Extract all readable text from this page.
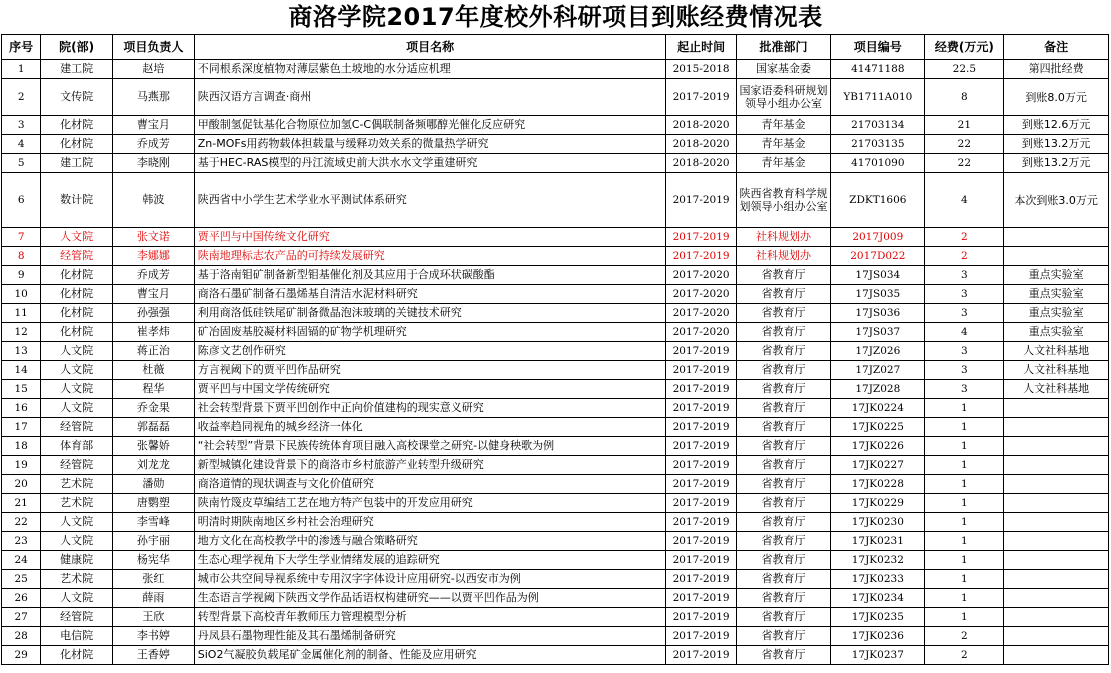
商洛学院2017年度校外科研项目到账经费情况表
序号	院(部)	项目负责人	项目名称	起止时间	批准部门	项目编号	经费(万元)	备注
1	建工院	赵培	不同根系深度植物对薄层紫色土坡地的水分适应机理	2015-2018	国家基金委	41471188	22.5	第四批经费
2	文传院	马燕那	陕西汉语方言调查·商州	2017-2019	国家语委科研规划领导小组办公室	YB1711A010	8	到账8.0万元
3	化材院	曹宝月	甲酸制氢促钛基化合物原位加氢C-C偶联制备频哪醇光催化反应研究	2018-2020	青年基金	21703134	21	到账12.6万元
4	化材院	乔成芳	Zn-MOFs用药物载体担载量与缓释功效关系的微量热学研究	2018-2020	青年基金	21703135	22	到账13.2万元
5	建工院	李晓刚	基于HEC-RAS模型的丹江流域史前大洪水水文学重建研究	2018-2020	青年基金	41701090	22	到账13.2万元
6	数计院	韩波	陕西省中小学生艺术学业水平测试体系研究	2017-2019	陕西省教育科学规划领导小组办公室	ZDKT1606	4	本次到账3.0万元
7	人文院	张文诺	贾平凹与中国传统文化研究	2017-2019	社科规划办	2017J009	2	
8	经管院	李娜娜	陕南地理标志农产品的可持续发展研究	2017-2019	社科规划办	2017D022	2	
9	化材院	乔成芳	基于洛南钼矿制备新型钼基催化剂及其应用于合成环状碳酸酯	2017-2020	省教育厅	17JS034	3	重点实验室
10	化材院	曹宝月	商洛石墨矿制备石墨烯基自清洁水泥材料研究	2017-2020	省教育厅	17JS035	3	重点实验室
11	化材院	孙强强	利用商洛低硅铁尾矿制备微晶泡沫玻璃的关键技术研究	2017-2020	省教育厅	17JS036	3	重点实验室
12	化材院	崔孝炜	矿冶固废基胶凝材料固镉的矿物学机理研究	2017-2020	省教育厅	17JS037	4	重点实验室
13	人文院	蒋正治	陈彦文艺创作研究	2017-2019	省教育厅	17JZ026	3	人文社科基地
14	人文院	杜薇	方言视阈下的贾平凹作品研究	2017-2019	省教育厅	17JZ027	3	人文社科基地
15	人文院	程华	贾平凹与中国文学传统研究	2017-2019	省教育厅	17JZ028	3	人文社科基地
16	人文院	乔金果	社会转型背景下贾平凹创作中正向价值建构的现实意义研究	2017-2019	省教育厅	17JK0224	1	
17	经管院	郭磊磊	收益率趋同视角的城乡经济一体化	2017-2019	省教育厅	17JK0225	1	
18	体育部	张馨娇	“社会转型”背景下民族传统体育项目融入高校课堂之研究-以健身秧歌为例	2017-2019	省教育厅	17JK0226	1	
19	经管院	刘龙龙	新型城镇化建设背景下的商洛市乡村旅游产业转型升级研究	2017-2019	省教育厅	17JK0227	1	
20	艺术院	潘勋	商洛道情的现状调查与文化价值研究	2017-2019	省教育厅	17JK0228	1	
21	艺术院	唐鹦塑	陕南竹篾皮草编结工艺在地方特产包装中的开发应用研究	2017-2019	省教育厅	17JK0229	1	
22	人文院	李雪峰	明清时期陕南地区乡村社会治理研究	2017-2019	省教育厅	17JK0230	1	
23	人文院	孙宇丽	地方文化在高校教学中的渗透与融合策略研究	2017-2019	省教育厅	17JK0231	1	
24	健康院	杨宪华	生态心理学视角下大学生学业情绪发展的追踪研究	2017-2019	省教育厅	17JK0232	1	
25	艺术院	张红	城市公共空间导视系统中专用汉字字体设计应用研究-以西安市为例	2017-2019	省教育厅	17JK0233	1	
26	人文院	薛雨	生态语言学视阈下陕西文学作品话语权构建研究——以贾平凹作品为例	2017-2019	省教育厅	17JK0234	1	
27	经管院	王欣	转型背景下高校青年教师压力管理模型分析	2017-2019	省教育厅	17JK0235	1	
28	电信院	李书婷	丹凤县石墨物理性能及其石墨烯制备研究	2017-2019	省教育厅	17JK0236	2	
29	化材院	王香婷	SiO2气凝胶负载尾矿金属催化剂的制备、性能及应用研究	2017-2019	省教育厅	17JK0237	2	
